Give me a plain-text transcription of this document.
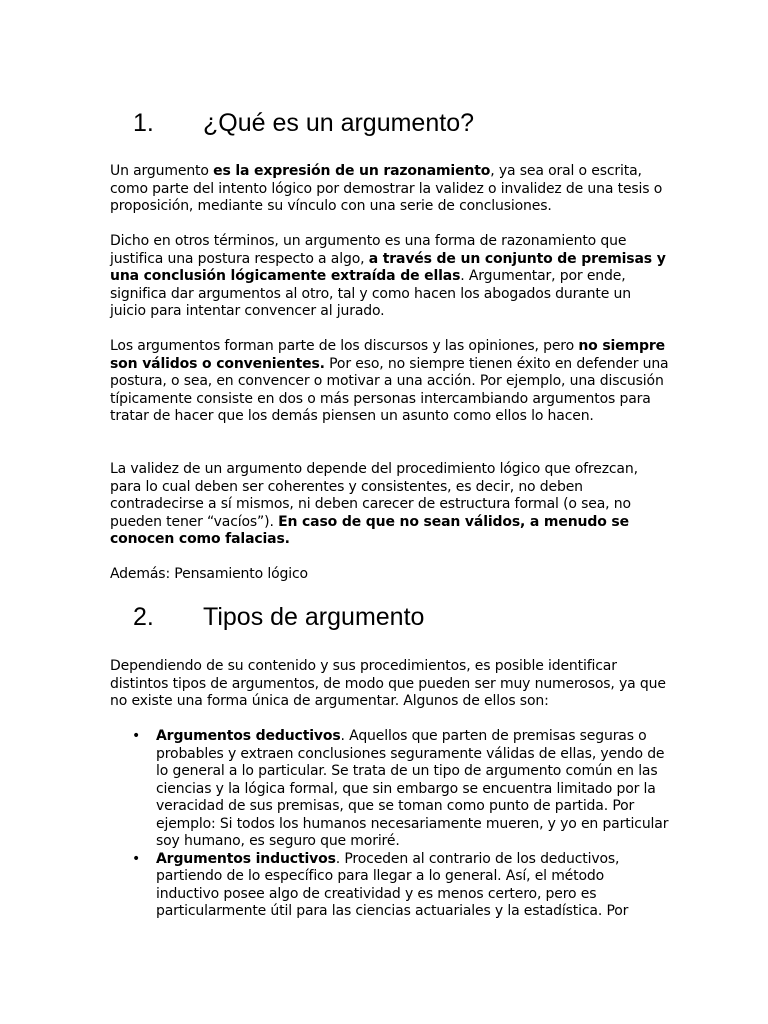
1. ¿Qué es un argumento?
Un argumento es la expresión de un razonamiento, ya sea oral o escrita, como parte del intento lógico por demostrar la validez o invalidez de una tesis o proposición, mediante su vínculo con una serie de conclusiones.
Dicho en otros términos, un argumento es una forma de razonamiento que justifica una postura respecto a algo, a través de un conjunto de premisas y una conclusión lógicamente extraída de ellas. Argumentar, por ende, significa dar argumentos al otro, tal y como hacen los abogados durante un juicio para intentar convencer al jurado.
Los argumentos forman parte de los discursos y las opiniones, pero no siempre son válidos o convenientes. Por eso, no siempre tienen éxito en defender una postura, o sea, en convencer o motivar a una acción. Por ejemplo, una discusión típicamente consiste en dos o más personas intercambiando argumentos para tratar de hacer que los demás piensen un asunto como ellos lo hacen.
La validez de un argumento depende del procedimiento lógico que ofrezcan, para lo cual deben ser coherentes y consistentes, es decir, no deben contradecirse a sí mismos, ni deben carecer de estructura formal (o sea, no pueden tener “vacíos”). En caso de que no sean válidos, a menudo se conocen como falacias.
Además: Pensamiento lógico
2. Tipos de argumento
Dependiendo de su contenido y sus procedimientos, es posible identificar distintos tipos de argumentos, de modo que pueden ser muy numerosos, ya que no existe una forma única de argumentar. Algunos de ellos son:
• Argumentos deductivos. Aquellos que parten de premisas seguras o probables y extraen conclusiones seguramente válidas de ellas, yendo de lo general a lo particular. Se trata de un tipo de argumento común en las ciencias y la lógica formal, que sin embargo se encuentra limitado por la veracidad de sus premisas, que se toman como punto de partida. Por ejemplo: Si todos los humanos necesariamente mueren, y yo en particular soy humano, es seguro que moriré.
• Argumentos inductivos. Proceden al contrario de los deductivos, partiendo de lo específico para llegar a lo general. Así, el método inductivo posee algo de creatividad y es menos certero, pero es particularmente útil para las ciencias actuariales y la estadística. Por
